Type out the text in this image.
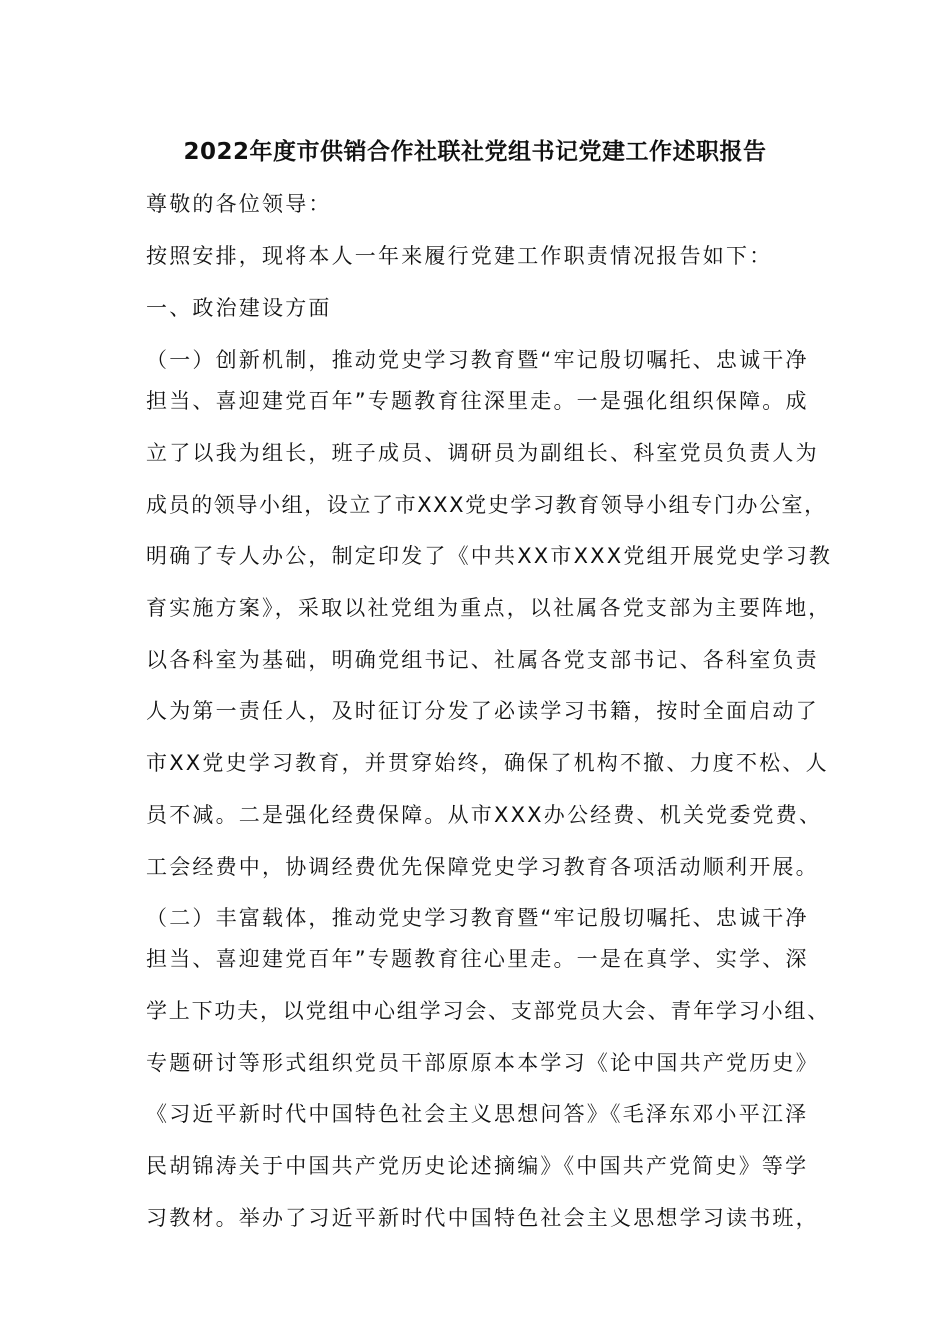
2022年度市供销合作社联社党组书记党建工作述职报告

尊敬的各位领导：

按照安排，现将本人一年来履行党建工作职责情况报告如下：

一、政治建设方面

（一）创新机制，推动党史学习教育暨“牢记殷切嘱托、忠诚干净

担当、喜迎建党百年”专题教育往深里走。一是强化组织保障。成

立了以我为组长，班子成员、调研员为副组长、科室党员负责人为

成员的领导小组，设立了市XXX党史学习教育领导小组专门办公室，

明确了专人办公，制定印发了《中共XX市XXX党组开展党史学习教

育实施方案》，采取以社党组为重点，以社属各党支部为主要阵地，

以各科室为基础，明确党组书记、社属各党支部书记、各科室负责

人为第一责任人，及时征订分发了必读学习书籍，按时全面启动了

市XX党史学习教育，并贯穿始终，确保了机构不撤、力度不松、人

员不减。二是强化经费保障。从市XXX办公经费、机关党委党费、

工会经费中，协调经费优先保障党史学习教育各项活动顺利开展。

（二）丰富载体，推动党史学习教育暨“牢记殷切嘱托、忠诚干净

担当、喜迎建党百年”专题教育往心里走。一是在真学、实学、深

学上下功夫，以党组中心组学习会、支部党员大会、青年学习小组、

专题研讨等形式组织党员干部原原本本学习《论中国共产党历史》

《习近平新时代中国特色社会主义思想问答》《毛泽东邓小平江泽

民胡锦涛关于中国共产党历史论述摘编》《中国共产党简史》等学

习教材。举办了习近平新时代中国特色社会主义思想学习读书班，
